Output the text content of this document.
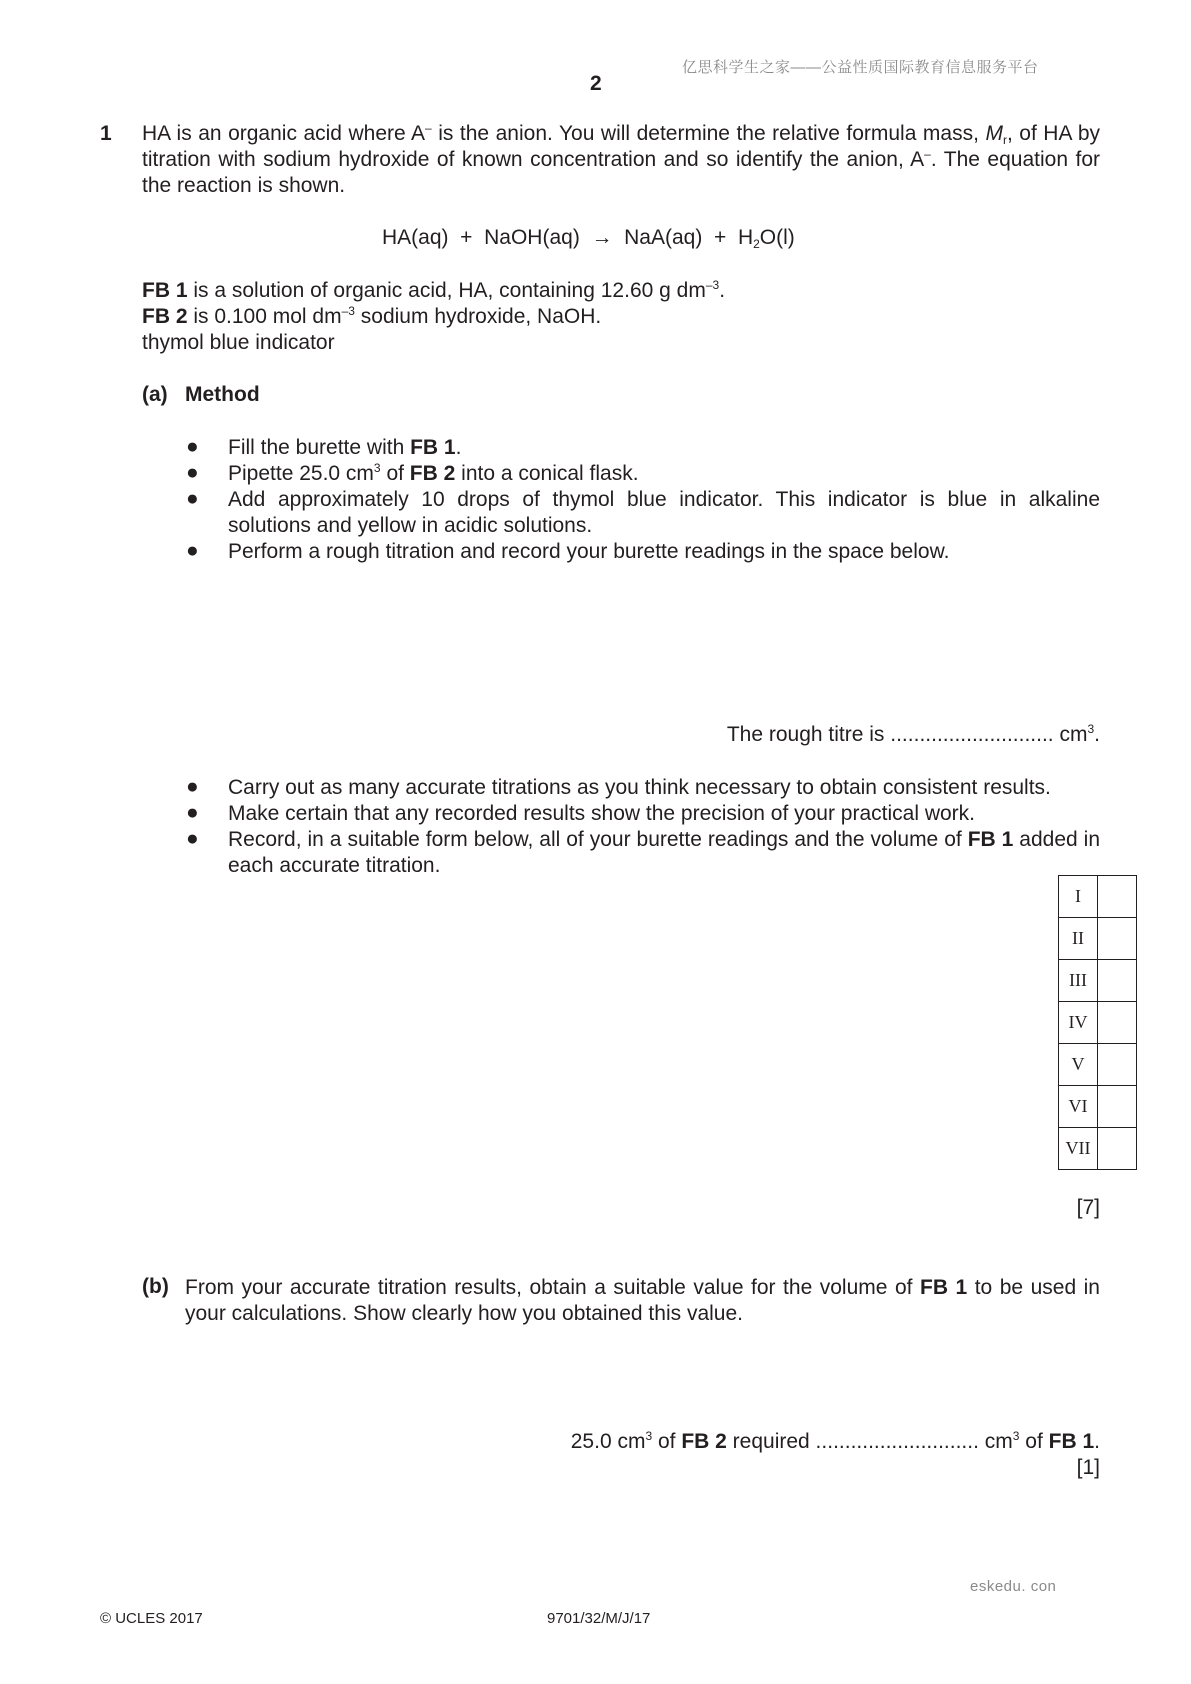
亿思科学生之家——公益性质国际教育信息服务平台
2
1 HA is an organic acid where A– is the anion. You will determine the relative formula mass, $M_r$, of HA by titration with sodium hydroxide of known concentration and so identify the anion, A–. The equation for the reaction is shown.
HA(aq)  +  NaOH(aq)  →  $NaA(aq) + H_2O(l)$
FB 1 is a solution of organic acid, HA, containing 12.60 g $dm^{-3}$.
FB 2 is 0.100 mol $dm^{-3}$ sodium hydroxide, NaOH.
thymol blue indicator
(a) Method
● Fill the burette with FB 1.
● Pipette 25.0 $cm^3$ of FB 2 into a conical flask.
● Add approximately 10 drops of thymol blue indicator. This indicator is blue in alkaline solutions and yellow in acidic solutions.
● Perform a rough titration and record your burette readings in the space below.
The rough titre is ............................ $cm^3$.
● Carry out as many accurate titrations as you think necessary to obtain consistent results.
● Make certain that any recorded results show the precision of your practical work.
● Record, in a suitable form below, all of your burette readings and the volume of FB 1 added in each accurate titration.
I	
II	
III	
IV	
V	
VI	
VII	
[7]
(b) From your accurate titration results, obtain a suitable value for the volume of FB 1 to be used in your calculations. Show clearly how you obtained this value.
25.0 $cm^3$ of FB 2 required ............................ $cm^3$ of FB 1.
[1]
eskedu. con
© UCLES 2017	9701/32/M/J/17
